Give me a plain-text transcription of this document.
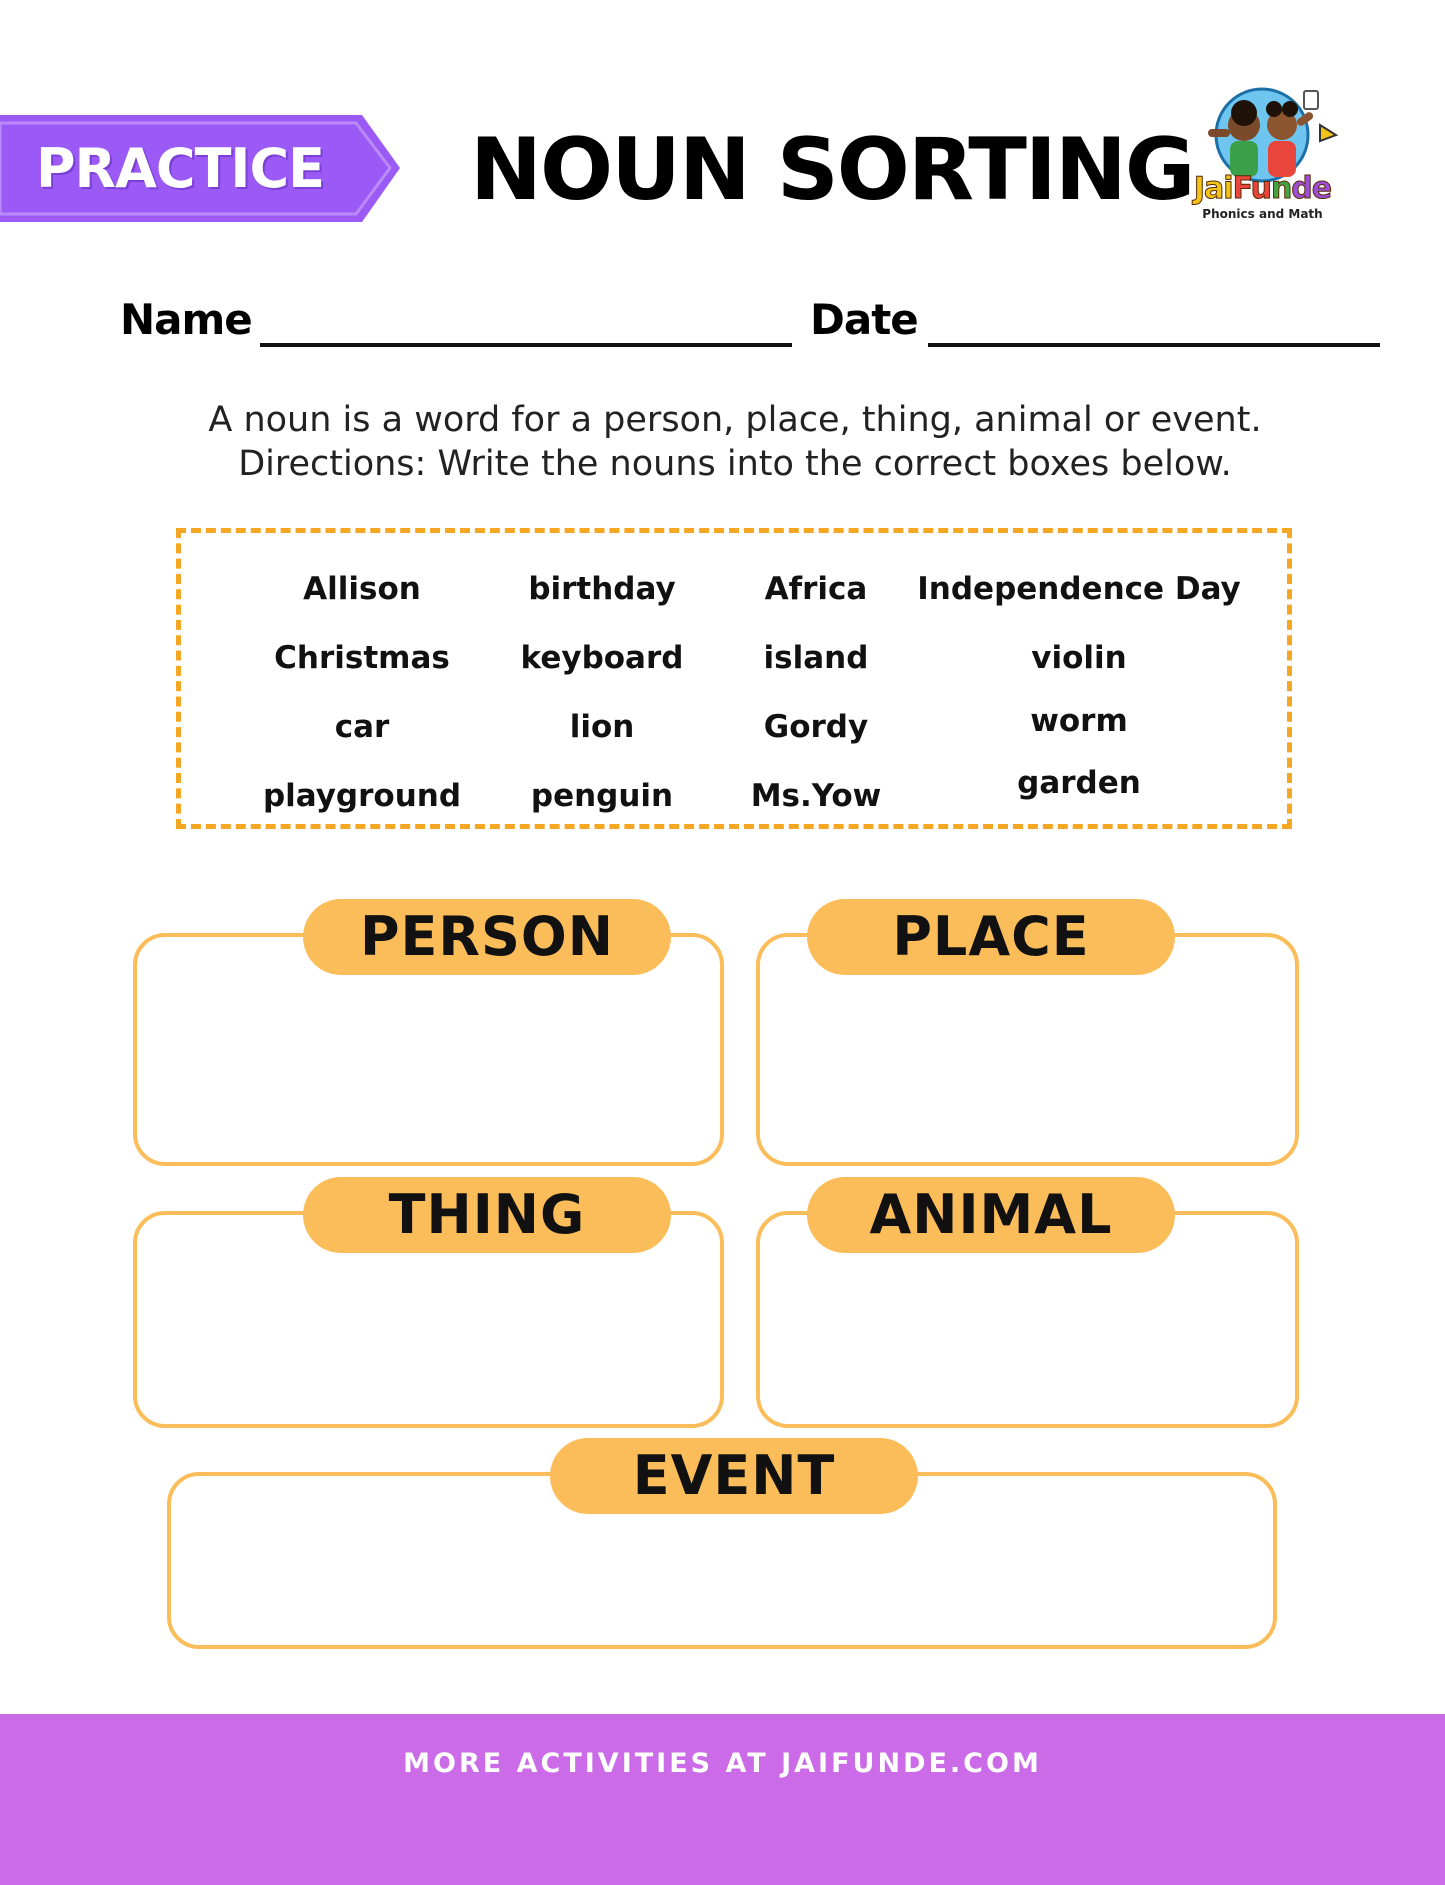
PRACTICE	NOUN SORTING JaiFunde
Phonics and Math
Name	Date
A noun is a word for a person, place, thing, animal or event.
Directions: Write the nouns into the correct boxes below.
Allison	birthday	Africa	Independence Day
Christmas	keyboard	island	violin
car	lion	Gordy	worm
playground	penguin	Ms.Yow	garden
PERSON	PLACE
THING	ANIMAL
EVENT
MORE ACTIVITIES AT JAIFUNDE.COM
